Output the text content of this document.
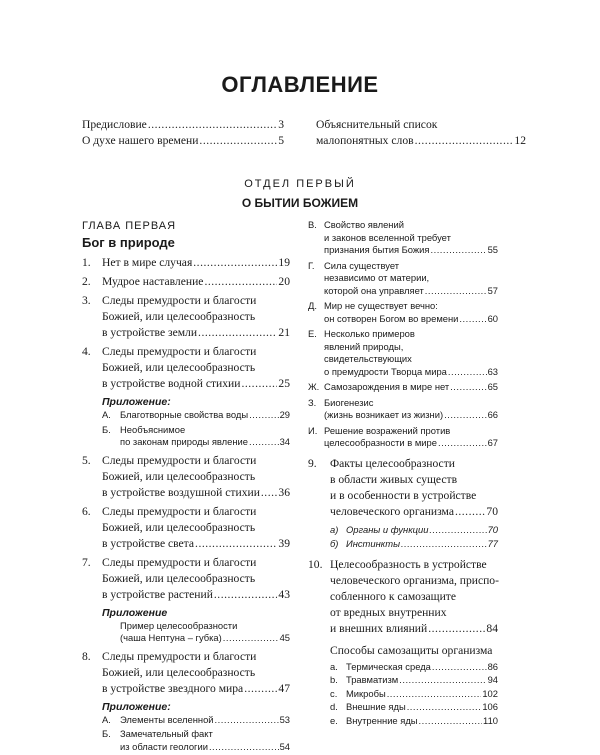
ОГЛАВЛЕНИЕ
Предисловие .....	3
О духе нашего времени .....	5
Объяснительный список
малопонятных слов .....	12
ОТДЕЛ ПЕРВЫЙ
О БЫТИИ БОЖИЕМ
ГЛАВА ПЕРВАЯ
Бог в природе
1. Нет в мире случая .....	19
2. Мудрое наставление .....	20
3. Следы премудрости и благости
Божией, или целесообразность
в устройстве земли .....	21
4. Следы премудрости и благости
Божией, или целесообразность
в устройстве водной стихии .....	25
Приложение:
А. Благотворные свойства воды .....	29
Б. Необъяснимое
по законам природы явление .....	34
5. Следы премудрости и благости
Божией, или целесообразность
в устройстве воздушной стихии ..... 36
6. Следы премудрости и благости
Божией, или целесообразность
в устройстве света .....	39
7. Следы премудрости и благости
Божией, или целесообразность
в устройстве растений .....	43
Приложение
Пример целесообразности
(чаша Нептуна – губка) .....	45
8. Следы премудрости и благости
Божией, или целесообразность
в устройстве звездного мира .....	47
Приложение:
А. Элементы вселенной .....	53
Б. Замечательный факт
из области геологии .....	54
В. Свойство явлений
и законов вселенной требует
признания бытия Божия .....	55
Г. Сила существует
независимо от материи,
которой она управляет .....	57
Д. Мир не существует вечно:
он сотворен Богом во времени .....	60
Е. Несколько примеров
явлений природы,
свидетельствующих
о премудрости Творца мира .....	63
Ж. Самозарождения в мире нет .....	65
З. Биогенезис
(жизнь возникает из жизни) .....	66
И. Решение возражений против
целесообразности в мире .....	67
9. Факты целесообразности
в области живых существ
и в особенности в устройстве
человеческого организма .....	70
а) Органы и функции .....	70
б) Инстинкты .....	77
10. Целесообразность в устройстве
человеческого организма, приспо-
собленного к самозащите
от вредных внутренних
и внешних влияний .....	84
Способы самозащиты организма
a. Термическая среда .....	86
b. Травматизм .....	94
c. Микробы .....	102
d. Внешние яды .....	106
e. Внутренние яды .....	110
